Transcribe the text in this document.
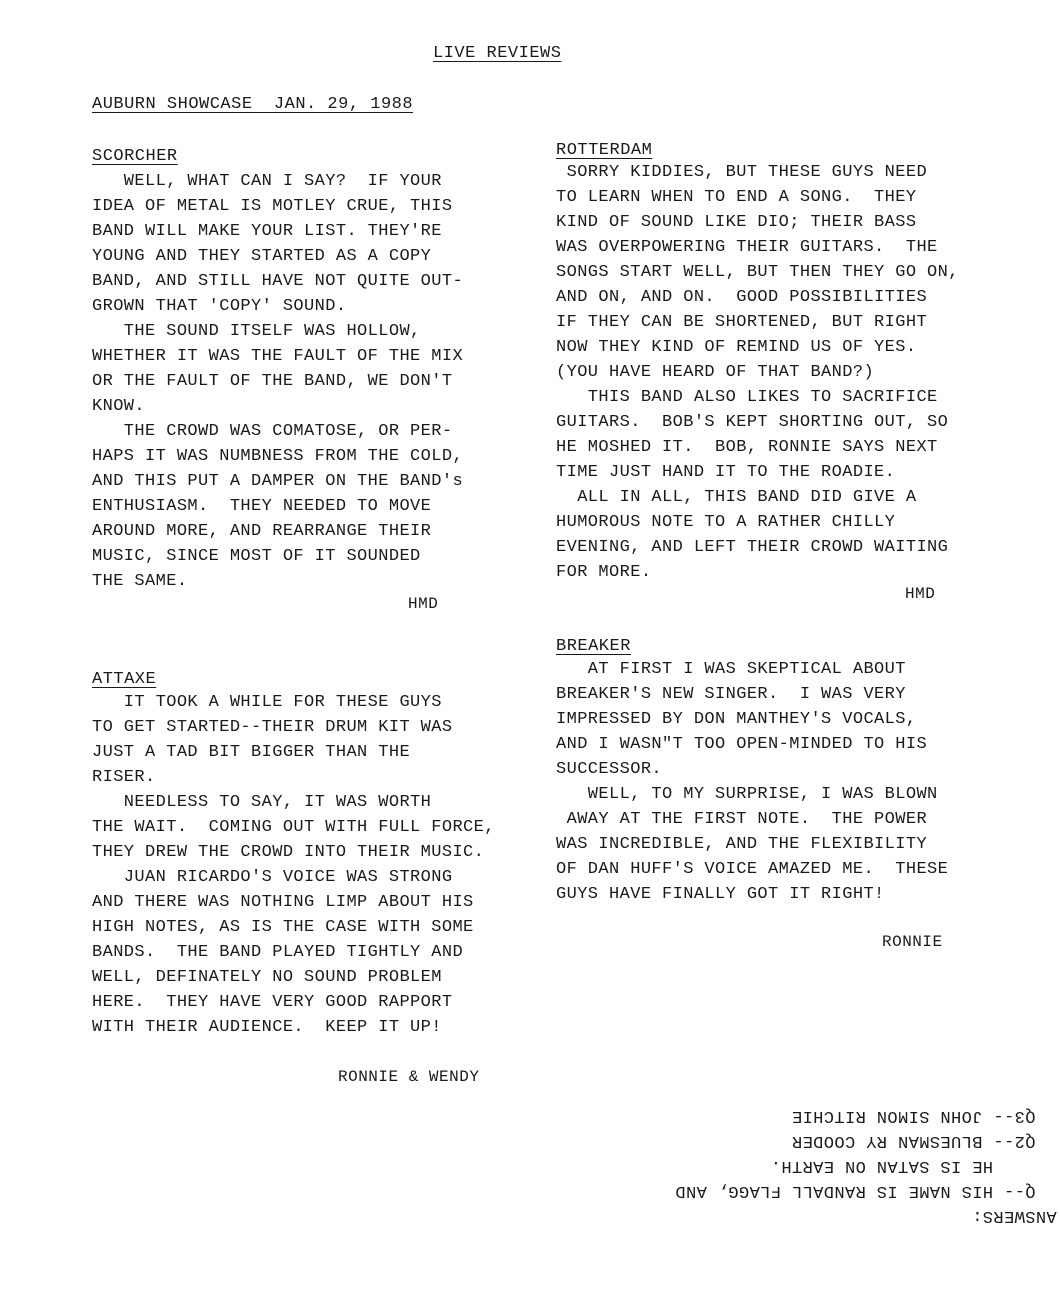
LIVE REVIEWS
AUBURN SHOWCASE  JAN. 29, 1988
SCORCHER
WELL, WHAT CAN I SAY?  IF YOUR
IDEA OF METAL IS MOTLEY CRUE, THIS
BAND WILL MAKE YOUR LIST. THEY'RE
YOUNG AND THEY STARTED AS A COPY
BAND, AND STILL HAVE NOT QUITE OUT-
GROWN THAT 'COPY' SOUND.
THE SOUND ITSELF WAS HOLLOW,
WHETHER IT WAS THE FAULT OF THE MIX
OR THE FAULT OF THE BAND, WE DON'T
KNOW.
THE CROWD WAS COMATOSE, OR PER-
HAPS IT WAS NUMBNESS FROM THE COLD,
AND THIS PUT A DAMPER ON THE BAND's
ENTHUSIASM.  THEY NEEDED TO MOVE
AROUND MORE, AND REARRANGE THEIR
MUSIC, SINCE MOST OF IT SOUNDED
THE SAME.
HMD
ATTAXE
IT TOOK A WHILE FOR THESE GUYS
TO GET STARTED--THEIR DRUM KIT WAS
JUST A TAD BIT BIGGER THAN THE
RISER.
NEEDLESS TO SAY, IT WAS WORTH
THE WAIT.  COMING OUT WITH FULL FORCE,
THEY DREW THE CROWD INTO THEIR MUSIC.
JUAN RICARDO'S VOICE WAS STRONG
AND THERE WAS NOTHING LIMP ABOUT HIS
HIGH NOTES, AS IS THE CASE WITH SOME
BANDS.  THE BAND PLAYED TIGHTLY AND
WELL, DEFINATELY NO SOUND PROBLEM
HERE.  THEY HAVE VERY GOOD RAPPORT
WITH THEIR AUDIENCE.  KEEP IT UP!
RONNIE & WENDY
ROTTERDAM
SORRY KIDDIES, BUT THESE GUYS NEED
TO LEARN WHEN TO END A SONG.  THEY
KIND OF SOUND LIKE DIO; THEIR BASS
WAS OVERPOWERING THEIR GUITARS.  THE
SONGS START WELL, BUT THEN THEY GO ON,
AND ON, AND ON.  GOOD POSSIBILITIES
IF THEY CAN BE SHORTENED, BUT RIGHT
NOW THEY KIND OF REMIND US OF YES.
(YOU HAVE HEARD OF THAT BAND?)
THIS BAND ALSO LIKES TO SACRIFICE
GUITARS.  BOB'S KEPT SHORTING OUT, SO
HE MOSHED IT.  BOB, RONNIE SAYS NEXT
TIME JUST HAND IT TO THE ROADIE.
ALL IN ALL, THIS BAND DID GIVE A
HUMOROUS NOTE TO A RATHER CHILLY
EVENING, AND LEFT THEIR CROWD WAITING
FOR MORE.
HMD
BREAKER
AT FIRST I WAS SKEPTICAL ABOUT
BREAKER'S NEW SINGER.  I WAS VERY
IMPRESSED BY DON MANTHEY'S VOCALS,
AND I WASN"T TOO OPEN-MINDED TO HIS
SUCCESSOR.
WELL, TO MY SURPRISE, I WAS BLOWN
AWAY AT THE FIRST NOTE.  THE POWER
WAS INCREDIBLE, AND THE FLEXIBILITY
OF DAN HUFF'S VOICE AMAZED ME.  THESE
GUYS HAVE FINALLY GOT IT RIGHT!
RONNIE
ANSWERS:
Q-- HIS NAME IS RANDALL FLAGG, AND
HE IS SATAN ON EARTH.
Q2-- BLUESMAN RY COODER
Q3-- JOHN SIMON RITCHIE
